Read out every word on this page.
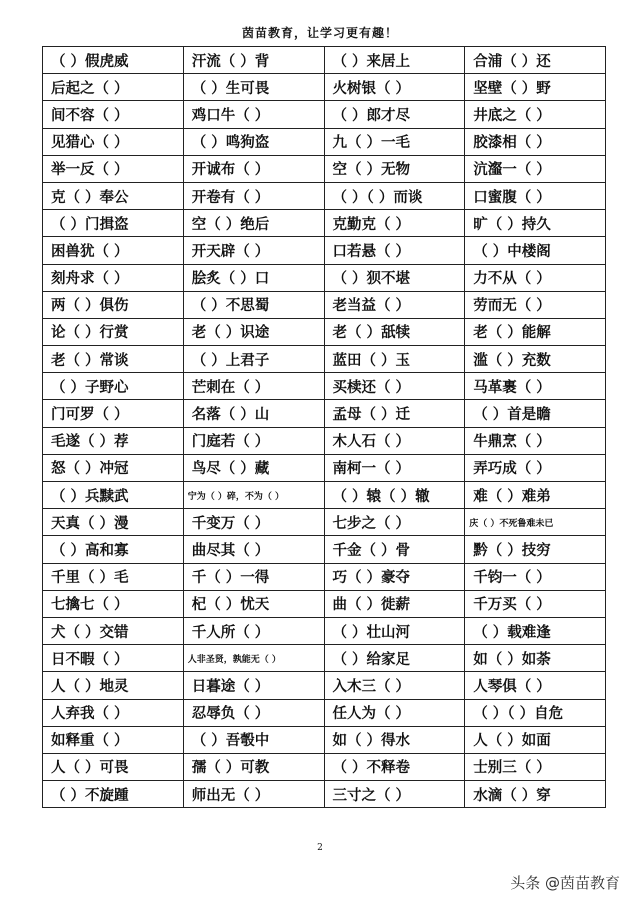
茵苗教育，让学习更有趣！
（ ）假虎威	汗流（ ）背	（ ）来居上	合浦（ ）还
后起之（ ）	（ ）生可畏	火树银（ ）	坚壁（ ）野
间不容（ ）	鸡口牛（ ）	（ ）郎才尽	井底之（ ）
见猎心（ ）	（ ）鸣狗盗	九（ ）一毛	胶漆相（ ）
举一反（ ）	开诚布（ ）	空（ ）无物	沆瀣一（ ）
克（ ）奉公	开卷有（ ）	（ ）（ ）而谈	口蜜腹（ ）
（ ）门揖盗	空（ ）绝后	克勤克（ ）	旷（ ）持久
困兽犹（ ）	开天辟（ ）	口若悬（ ）	（ ）中楼阁
刻舟求（ ）	脍炙（ ）口	（ ）狈不堪	力不从（ ）
两（ ）俱伤	（ ）不思蜀	老当益（ ）	劳而无（ ）
论（ ）行赏	老（ ）识途	老（ ）舐犊	老（ ）能解
老（ ）常谈	（ ）上君子	蓝田（ ）玉	滥（ ）充数
（ ）子野心	芒刺在（ ）	买椟还（ ）	马革裹（ ）
门可罗（ ）	名落（ ）山	孟母（ ）迁	（ ）首是瞻
毛遂（ ）荐	门庭若（ ）	木人石（ ）	牛鼎烹（ ）
怒（ ）冲冠	鸟尽（ ）藏	南柯一（ ）	弄巧成（ ）
（ ）兵黩武	宁为（ ）碎，不为（ ）	（ ）辕（ ）辙	难（ ）难弟
天真（ ）漫	千变万（ ）	七步之（ ）	庆（ ）不死鲁难未已
（ ）高和寡	曲尽其（ ）	千金（ ）骨	黔（ ）技穷
千里（ ）毛	千（ ）一得	巧（ ）豪夺	千钧一（ ）
七擒七（ ）	杞（ ）忧天	曲（ ）徙薪	千万买（ ）
犬（ ）交错	千人所（ ）	（ ）壮山河	（ ）载难逢
日不暇（ ）	人非圣贤，孰能无（ ）	（ ）给家足	如（ ）如荼
人（ ）地灵	日暮途（ ）	入木三（ ）	人琴俱（ ）
人弃我（ ）	忍辱负（ ）	任人为（ ）	（ ）（ ）自危
如释重（ ）	（ ）吾彀中	如（ ）得水	人（ ）如面
人（ ）可畏	孺（ ）可教	（ ）不释卷	士别三（ ）
（ ）不旋踵	师出无（ ）	三寸之（ ）	水滴（ ）穿
2
头条 @茵苗教育
